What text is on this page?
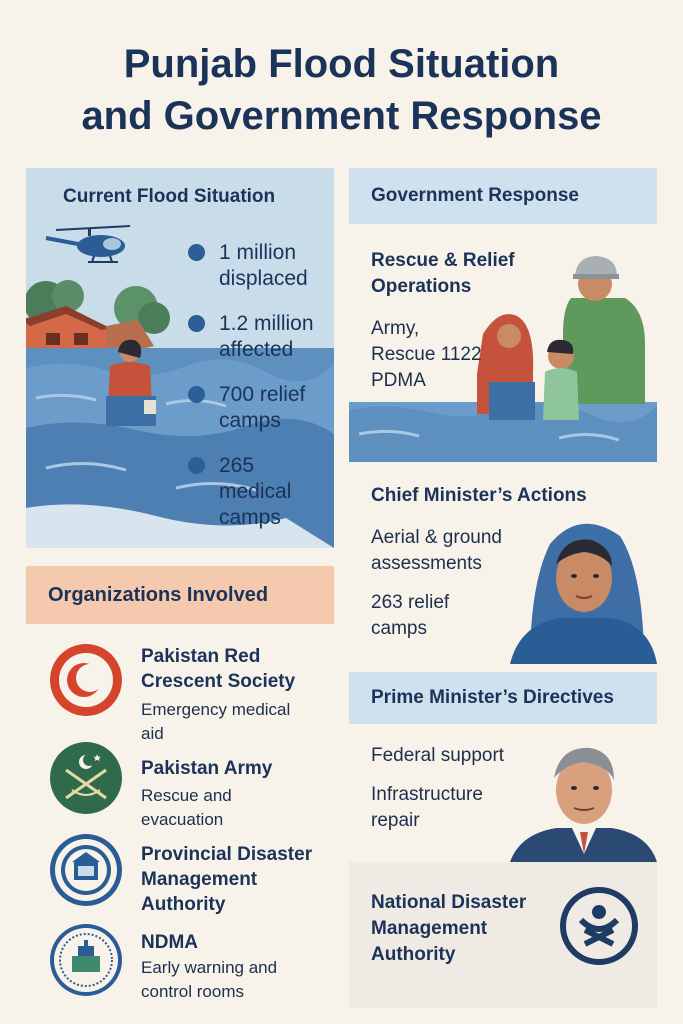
Punjab Flood Situation
and Government Response
Current Flood Situation
1 million
displaced
1.2 million
affected
700 relief
camps
265
medical
camps
Organizations Involved
Pakistan Red
Crescent Society
Emergency medical
aid
Pakistan Army
Rescue and
evacuation
Provincial Disaster
Management
Authority
NDMA
Early warning and
control rooms
Government Response
Rescue & Relief
Operations
Army,
Rescue 1122
PDMA
Chief Minister’s Actions
Aerial & ground
assessments
263 relief
camps
Prime Minister’s Directives
Federal support
Infrastructure
repair
National Disaster
Management
Authority
